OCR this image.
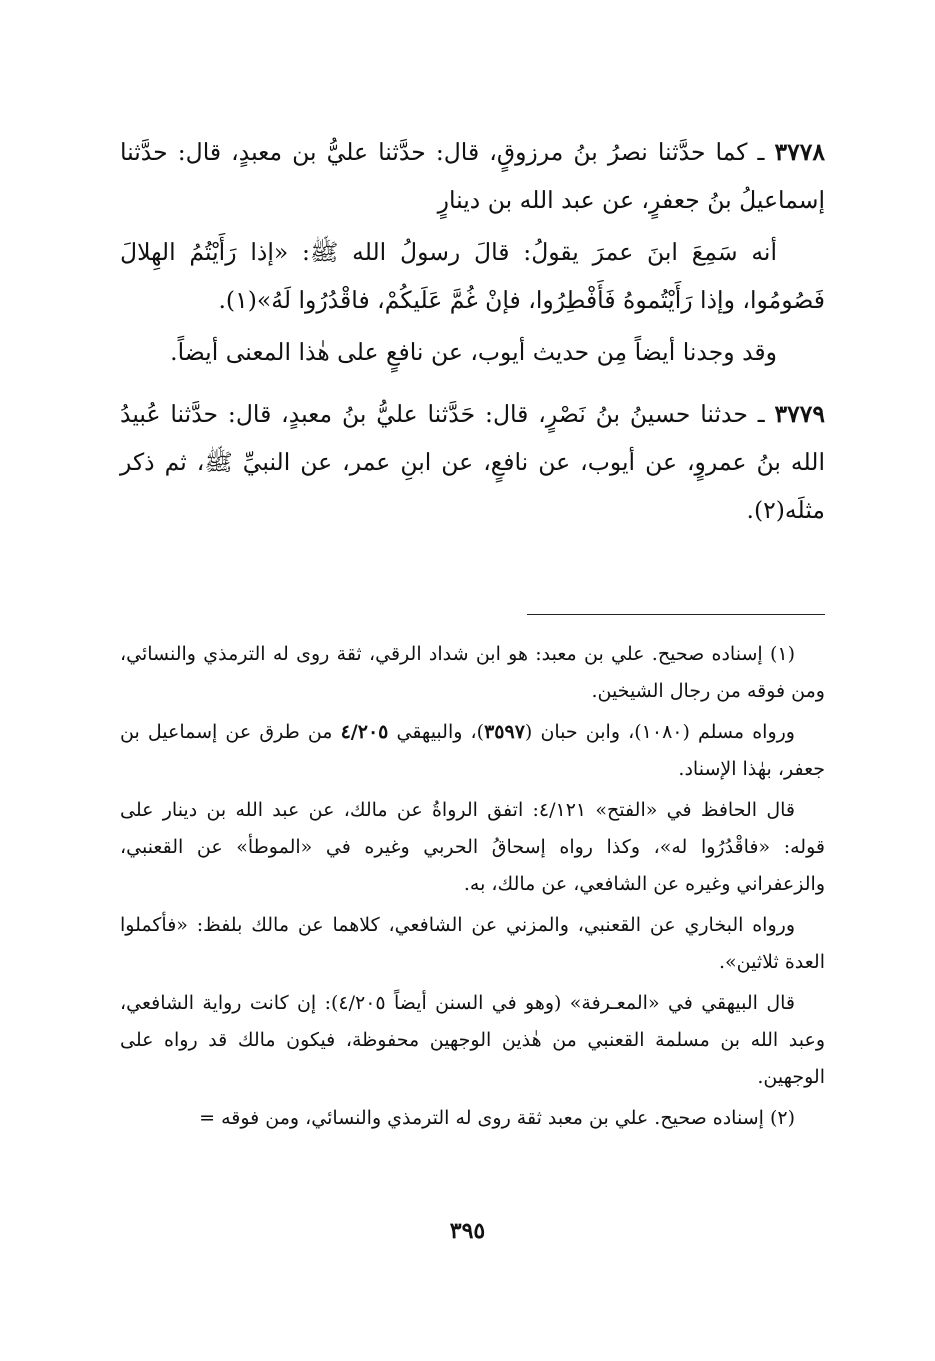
٣٧٧٨ ـ كما حدَّثنا نصرُ بنُ مرزوقٍ، قال: حدَّثنا عليُّ بن معبدٍ، قال: حدَّثنا إسماعيلُ بنُ جعفرٍ، عن عبد الله بن دينارٍ

أنه سَمِعَ ابنَ عمرَ يقولُ: قالَ رسولُ الله ﷺ: «إذا رَأَيْتُمُ الهِلالَ فَصُومُوا، وإذا رَأَيْتُموهُ فَأَفْطِرُوا، فإنْ غُمَّ عَلَيكُمْ، فاقْدُرُوا لَهُ»(١).

وقد وجدنا أيضاً مِن حديث أيوب، عن نافعٍ على هٰذا المعنى أيضاً.

٣٧٧٩ ـ حدثنا حسينُ بنُ نَصْرٍ، قال: حَدَّثنا عليُّ بنُ معبدٍ، قال: حدَّثنا عُبيدُ الله بنُ عمروٍ، عن أيوب، عن نافعٍ، عن ابنِ عمر، عن النبيِّ ﷺ، ثم ذكر مثلَه(٢).

(١) إسناده صحيح. علي بن معبد: هو ابن شداد الرقي، ثقة روى له الترمذي والنسائي، ومن فوقه من رجال الشيخين.

ورواه مسلم (١٠٨٠)، وابن حبان (٣٥٩٧)، والبيهقي ٤/٢٠٥ من طرق عن إسماعيل بن جعفر، بهٰذا الإسناد.

قال الحافظ في «الفتح» ٤/١٢١: اتفق الرواةُ عن مالك، عن عبد الله بن دينار على قوله: «فاقْدُرُوا له»، وكذا رواه إسحاقُ الحربي وغيره في «الموطأ» عن القعنبي، والزعفراني وغيره عن الشافعي، عن مالك، به.

ورواه البخاري عن القعنبي، والمزني عن الشافعي، كلاهما عن مالك بلفظ: «فأكملوا العدة ثلاثين».

قال البيهقي في «المعـرفة» (وهو في السنن أيضاً ٤/٢٠٥): إن كانت رواية الشافعي، وعبد الله بن مسلمة القعنبي من هٰذين الوجهين محفوظة، فيكون مالك قد رواه على الوجهين.

(٢) إسناده صحيح. علي بن معبد ثقة روى له الترمذي والنسائي، ومن فوقه =

٣٩٥
